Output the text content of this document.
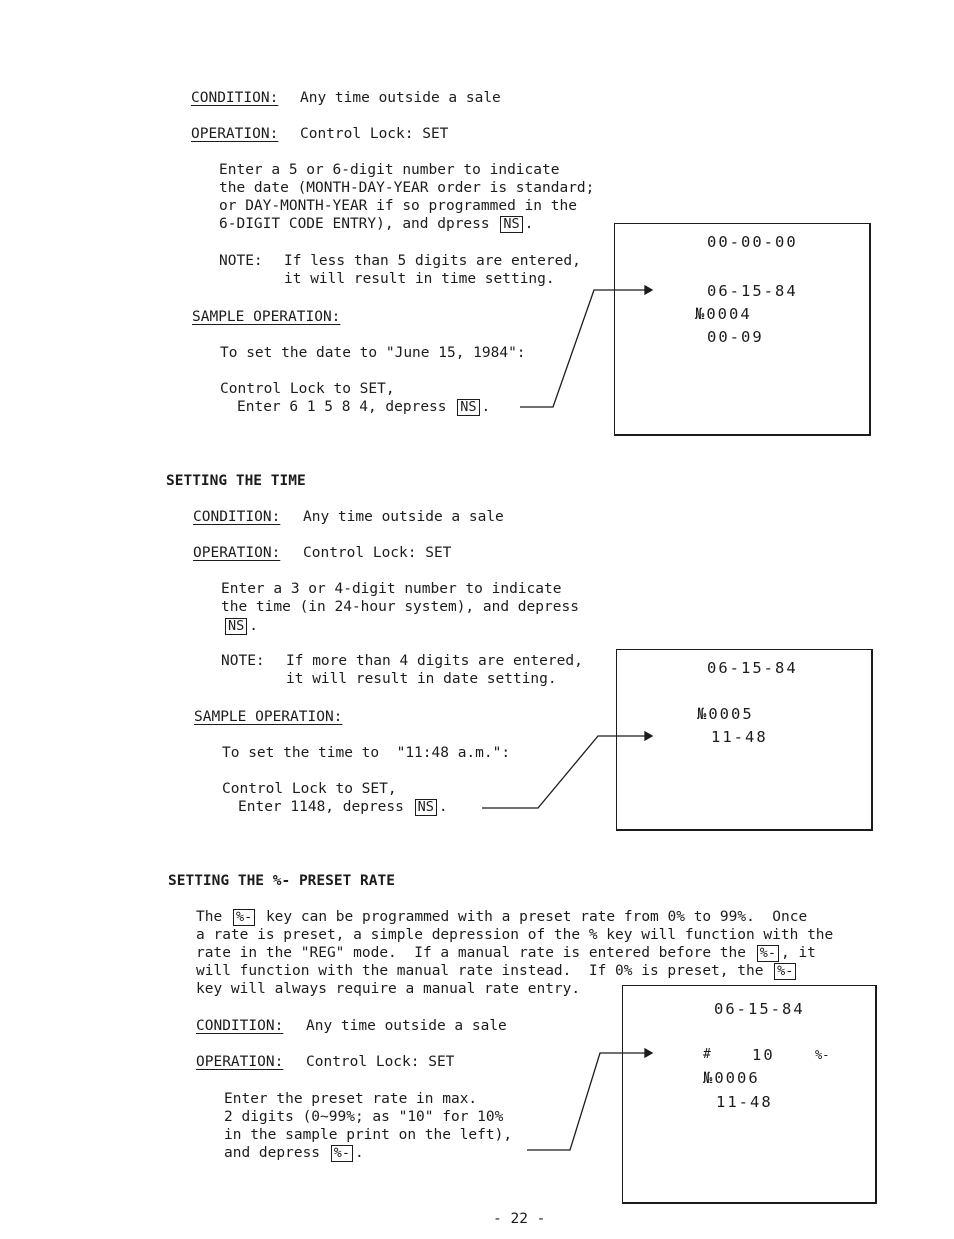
CONDITION: Any time outside a sale
OPERATION: Control Lock: SET
Enter a 5 or 6-digit number to indicate
the date (MONTH-DAY-YEAR order is standard;
or DAY-MONTH-YEAR if so programmed in the
6-DIGIT CODE ENTRY), and dpress NS .
NOTE: If less than 5 digits are entered,
it will result in time setting.
SAMPLE OPERATION:
To set the date to "June 15, 1984":
Control Lock to SET,
Enter 6 1 5 8 4, depress NS .
00-00-00
06-15-84
№0004
00-09
SETTING THE TIME
CONDITION: Any time outside a sale
OPERATION: Control Lock: SET
Enter a 3 or 4-digit number to indicate
the time (in 24-hour system), and depress
NS .
NOTE: If more than 4 digits are entered,
it will result in date setting.
SAMPLE OPERATION:
To set the time to  "11:48 a.m.":
Control Lock to SET,
Enter 1148, depress NS .
06-15-84
№0005
11-48
SETTING THE %- PRESET RATE
The %- key can be programmed with a preset rate from 0% to 99%.  Once
a rate is preset, a simple depression of the % key will function with the
rate in the "REG" mode.  If a manual rate is entered before the %- , it
will function with the manual rate instead.  If 0% is preset, the %-
key will always require a manual rate entry.
CONDITION: Any time outside a sale
OPERATION: Control Lock: SET
Enter the preset rate in max.
2 digits (0~99%; as "10" for 10%
in the sample print on the left),
and depress %- .
06-15-84
#	10	%-
№0006
11-48
- 22 -
